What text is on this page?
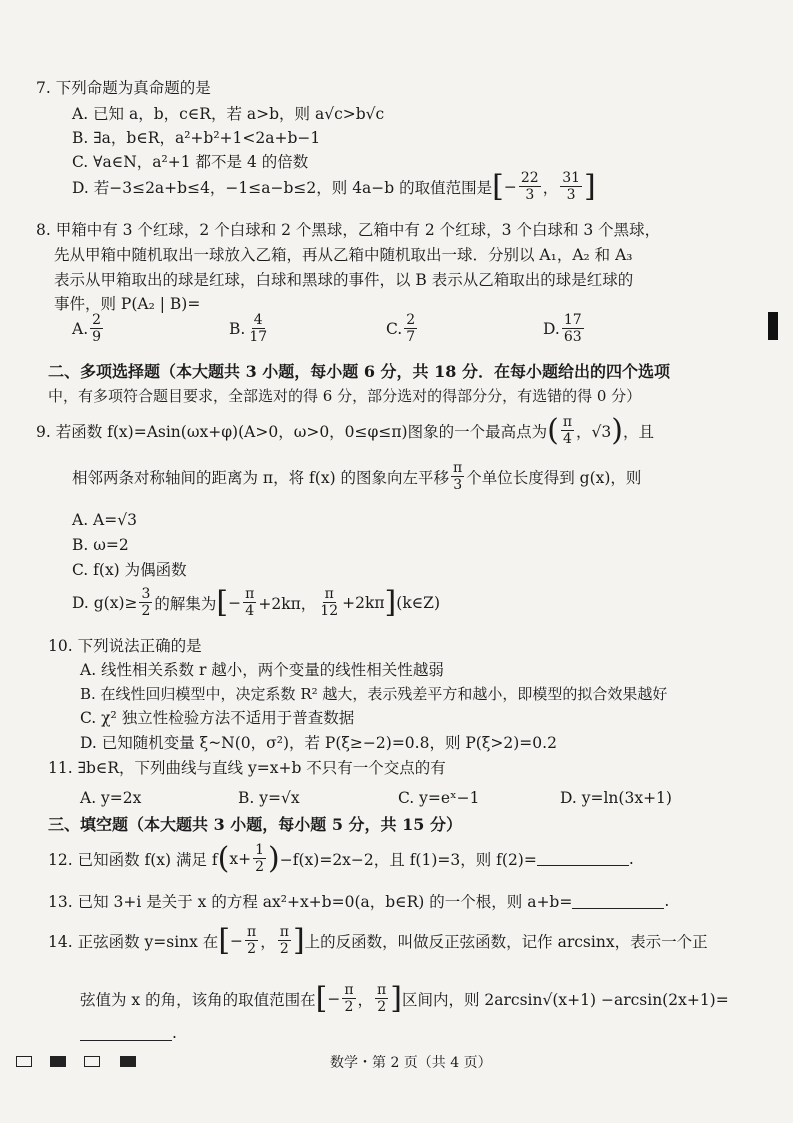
7. 下列命题为真命题的是
A. 已知 a，b，c∈R，若 a>b，则 a√c>b√c
B. ∃a，b∈R，a²+b²+1<2a+b−1
C. ∀a∈N，a²+1 都不是 4 的倍数
D. 若−3≤2a+b≤4，−1≤a−b≤2，则 4a−b 的取值范围是 [ − $\frac{22}{3}$ ， $\frac{31}{3}$ ]
8. 甲箱中有 3 个红球，2 个白球和 2 个黑球，乙箱中有 2 个红球，3 个白球和 3 个黑球，
先从甲箱中随机取出一球放入乙箱，再从乙箱中随机取出一球．分别以 A₁，A₂ 和 A₃
表示从甲箱取出的球是红球，白球和黑球的事件，以 B 表示从乙箱取出的球是红球的
事件，则 P(A₂ | B)=
A. $\frac{2}{9}$	B. $\frac{4}{17}$	C. $\frac{2}{7}$	D. $\frac{17}{63}$
二、多项选择题（本大题共 3 小题，每小题 6 分，共 18 分．在每小题给出的四个选项
中，有多项符合题目要求，全部选对的得 6 分，部分选对的得部分分，有选错的得 0 分）
9. 若函数 f(x)=Asin(ωx+φ)(A>0，ω>0，0≤φ≤π)图象的一个最高点为 ( $\frac{\pi}{4}$ ，√3 ) ，且
相邻两条对称轴间的距离为 π，将 f(x) 的图象向左平移 $\frac{\pi}{3}$ 个单位长度得到 g(x)，则
A. A=√3
B. ω=2
C. f(x) 为偶函数
D. $g(x)\ge \frac{3}{2}$ 的解集为 [ − $\frac{\pi}{4} +2k\pi$， $\frac{\pi}{12} +2k\pi$ ] (k∈Z)
10. 下列说法正确的是
A. 线性相关系数 r 越小，两个变量的线性相关性越弱
B. 在线性回归模型中，决定系数 R² 越大，表示残差平方和越小，即模型的拟合效果越好
C. χ² 独立性检验方法不适用于普查数据
D. 已知随机变量 ξ~N(0，σ²)，若 P(ξ≥−2)=0.8，则 P(ξ>2)=0.2
11. ∃b∈R，下列曲线与直线 y=x+b 不只有一个交点的有
A. y=2x	B. y=√x	C. y=eˣ−1	D. y=ln(3x+1)
三、填空题（本大题共 3 小题，每小题 5 分，共 15 分）
12. 已知函数 f(x) 满足 f ( $x+ \frac{1}{2}$ ) −f(x)=2x−2，且 f(1)=3，则 f(2)=	.
13. 已知 3+i 是关于 x 的方程 ax²+x+b=0(a，b∈R) 的一个根，则 a+b=	.
14. 正弦函数 y=sinx 在 [ − $\frac{\pi}{2}$ ， $\frac{\pi}{2}$ ] 上的反函数，叫做反正弦函数，记作 arcsinx，表示一个正
弦值为 x 的角，该角的取值范围在 [ − $\frac{\pi}{2}$ ， $\frac{\pi}{2}$ ] 区间内，则 2arcsin√(x+1) −arcsin(2x+1)=
.
数学・第 2 页（共 4 页）
